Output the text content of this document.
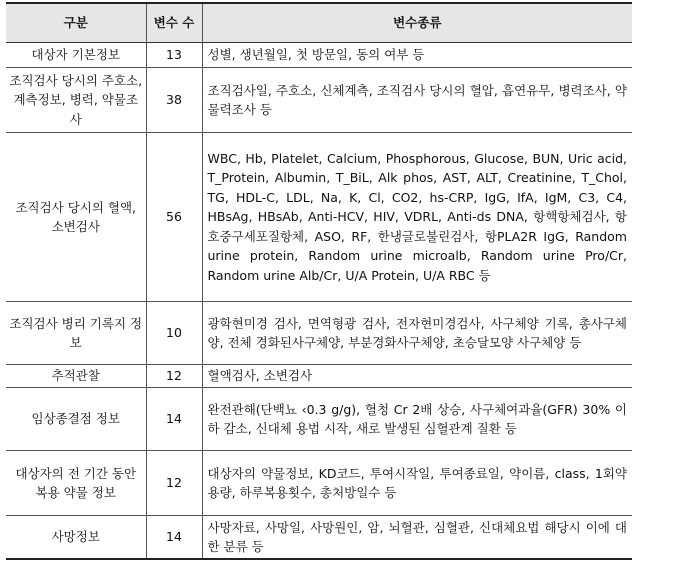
구분	변수 수	변수종류
대상자 기본정보	13	성별, 생년월일, 첫 방문일, 동의 여부 등
조직검사 당시의 주호소, 계측정보, 병력, 약물조사	38	조직검사일, 주호소, 신체계측, 조직검사 당시의 혈압, 흡연유무, 병력조사, 약물력조사 등
조직검사 당시의 혈액, 소변검사	56	WBC, Hb, Platelet, Calcium, Phosphorous, Glucose, BUN, Uric acid, T_Protein, Albumin, T_BiL, Alk phos, AST, ALT, Creatinine, T_Chol, TG, HDL-C, LDL, Na, K, Cl, CO2, hs-CRP, IgG, IfA, IgM, C3, C4, HBsAg, HBsAb, Anti-HCV, HIV, VDRL, Anti-ds DNA, 항핵항체검사, 항호중구세포질항체, ASO, RF, 한냉글로불린검사, 항PLA2R IgG, Random urine protein, Random urine microalb, Random urine Pro/Cr, Random urine Alb/Cr, U/A Protein, U/A RBC 등
조직검사 병리 기록지 정보	10	광학현미경 검사, 면역형광 검사, 전자현미경검사, 사구체양 기록, 총사구체양, 전체 경화된사구체양, 부분경화사구체양, 초승달모양 사구체양 등
추적관찰	12	혈액검사, 소변검사
임상종결점 정보	14	완전관해(단백뇨 ‹0.3 g/g), 혈청 Cr 2배 상승, 사구체여과율(GFR) 30% 이하 감소, 신대체 용법 시작, 새로 발생된 심혈관계 질환 등
대상자의 전 기간 동안 복용 약물 정보	12	대상자의 약물정보, KD코드, 투여시작일, 투여종료일, 약이름, class, 1회약용량, 하루복용횟수, 총처방일수 등
사망정보	14	사망자료, 사망일, 사망원인, 암, 뇌혈관, 심혈관, 신대체요법 해당시 이에 대한 분류 등
